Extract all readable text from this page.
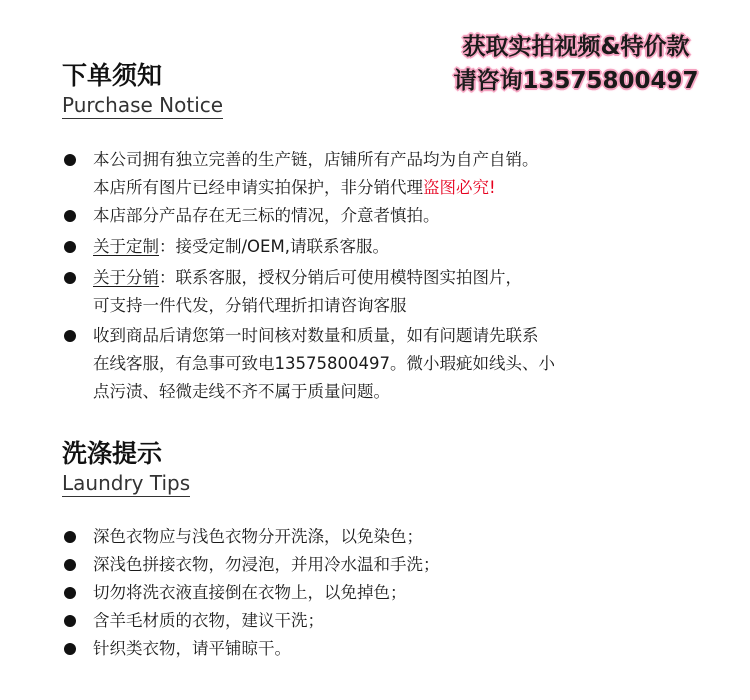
获取实拍视频&特价款
请咨询13575800497
下单须知
Purchase Notice
本公司拥有独立完善的生产链，店铺所有产品均为自产自销。
本店所有图片已经申请实拍保护，非分销代理盗图必究!
本店部分产品存在无三标的情况，介意者慎拍。
关于定制：接受定制/OEM,请联系客服。
关于分销：联系客服，授权分销后可使用模特图实拍图片，
可支持一件代发，分销代理折扣请咨询客服
收到商品后请您第一时间核对数量和质量，如有问题请先联系
在线客服，有急事可致电13575800497。微小瑕疵如线头、小
点污渍、轻微走线不齐不属于质量问题。
洗涤提示
Laundry Tips
深色衣物应与浅色衣物分开洗涤，以免染色；
深浅色拼接衣物，勿浸泡，并用冷水温和手洗；
切勿将洗衣液直接倒在衣物上，以免掉色；
含羊毛材质的衣物，建议干洗；
针织类衣物，请平铺晾干。
